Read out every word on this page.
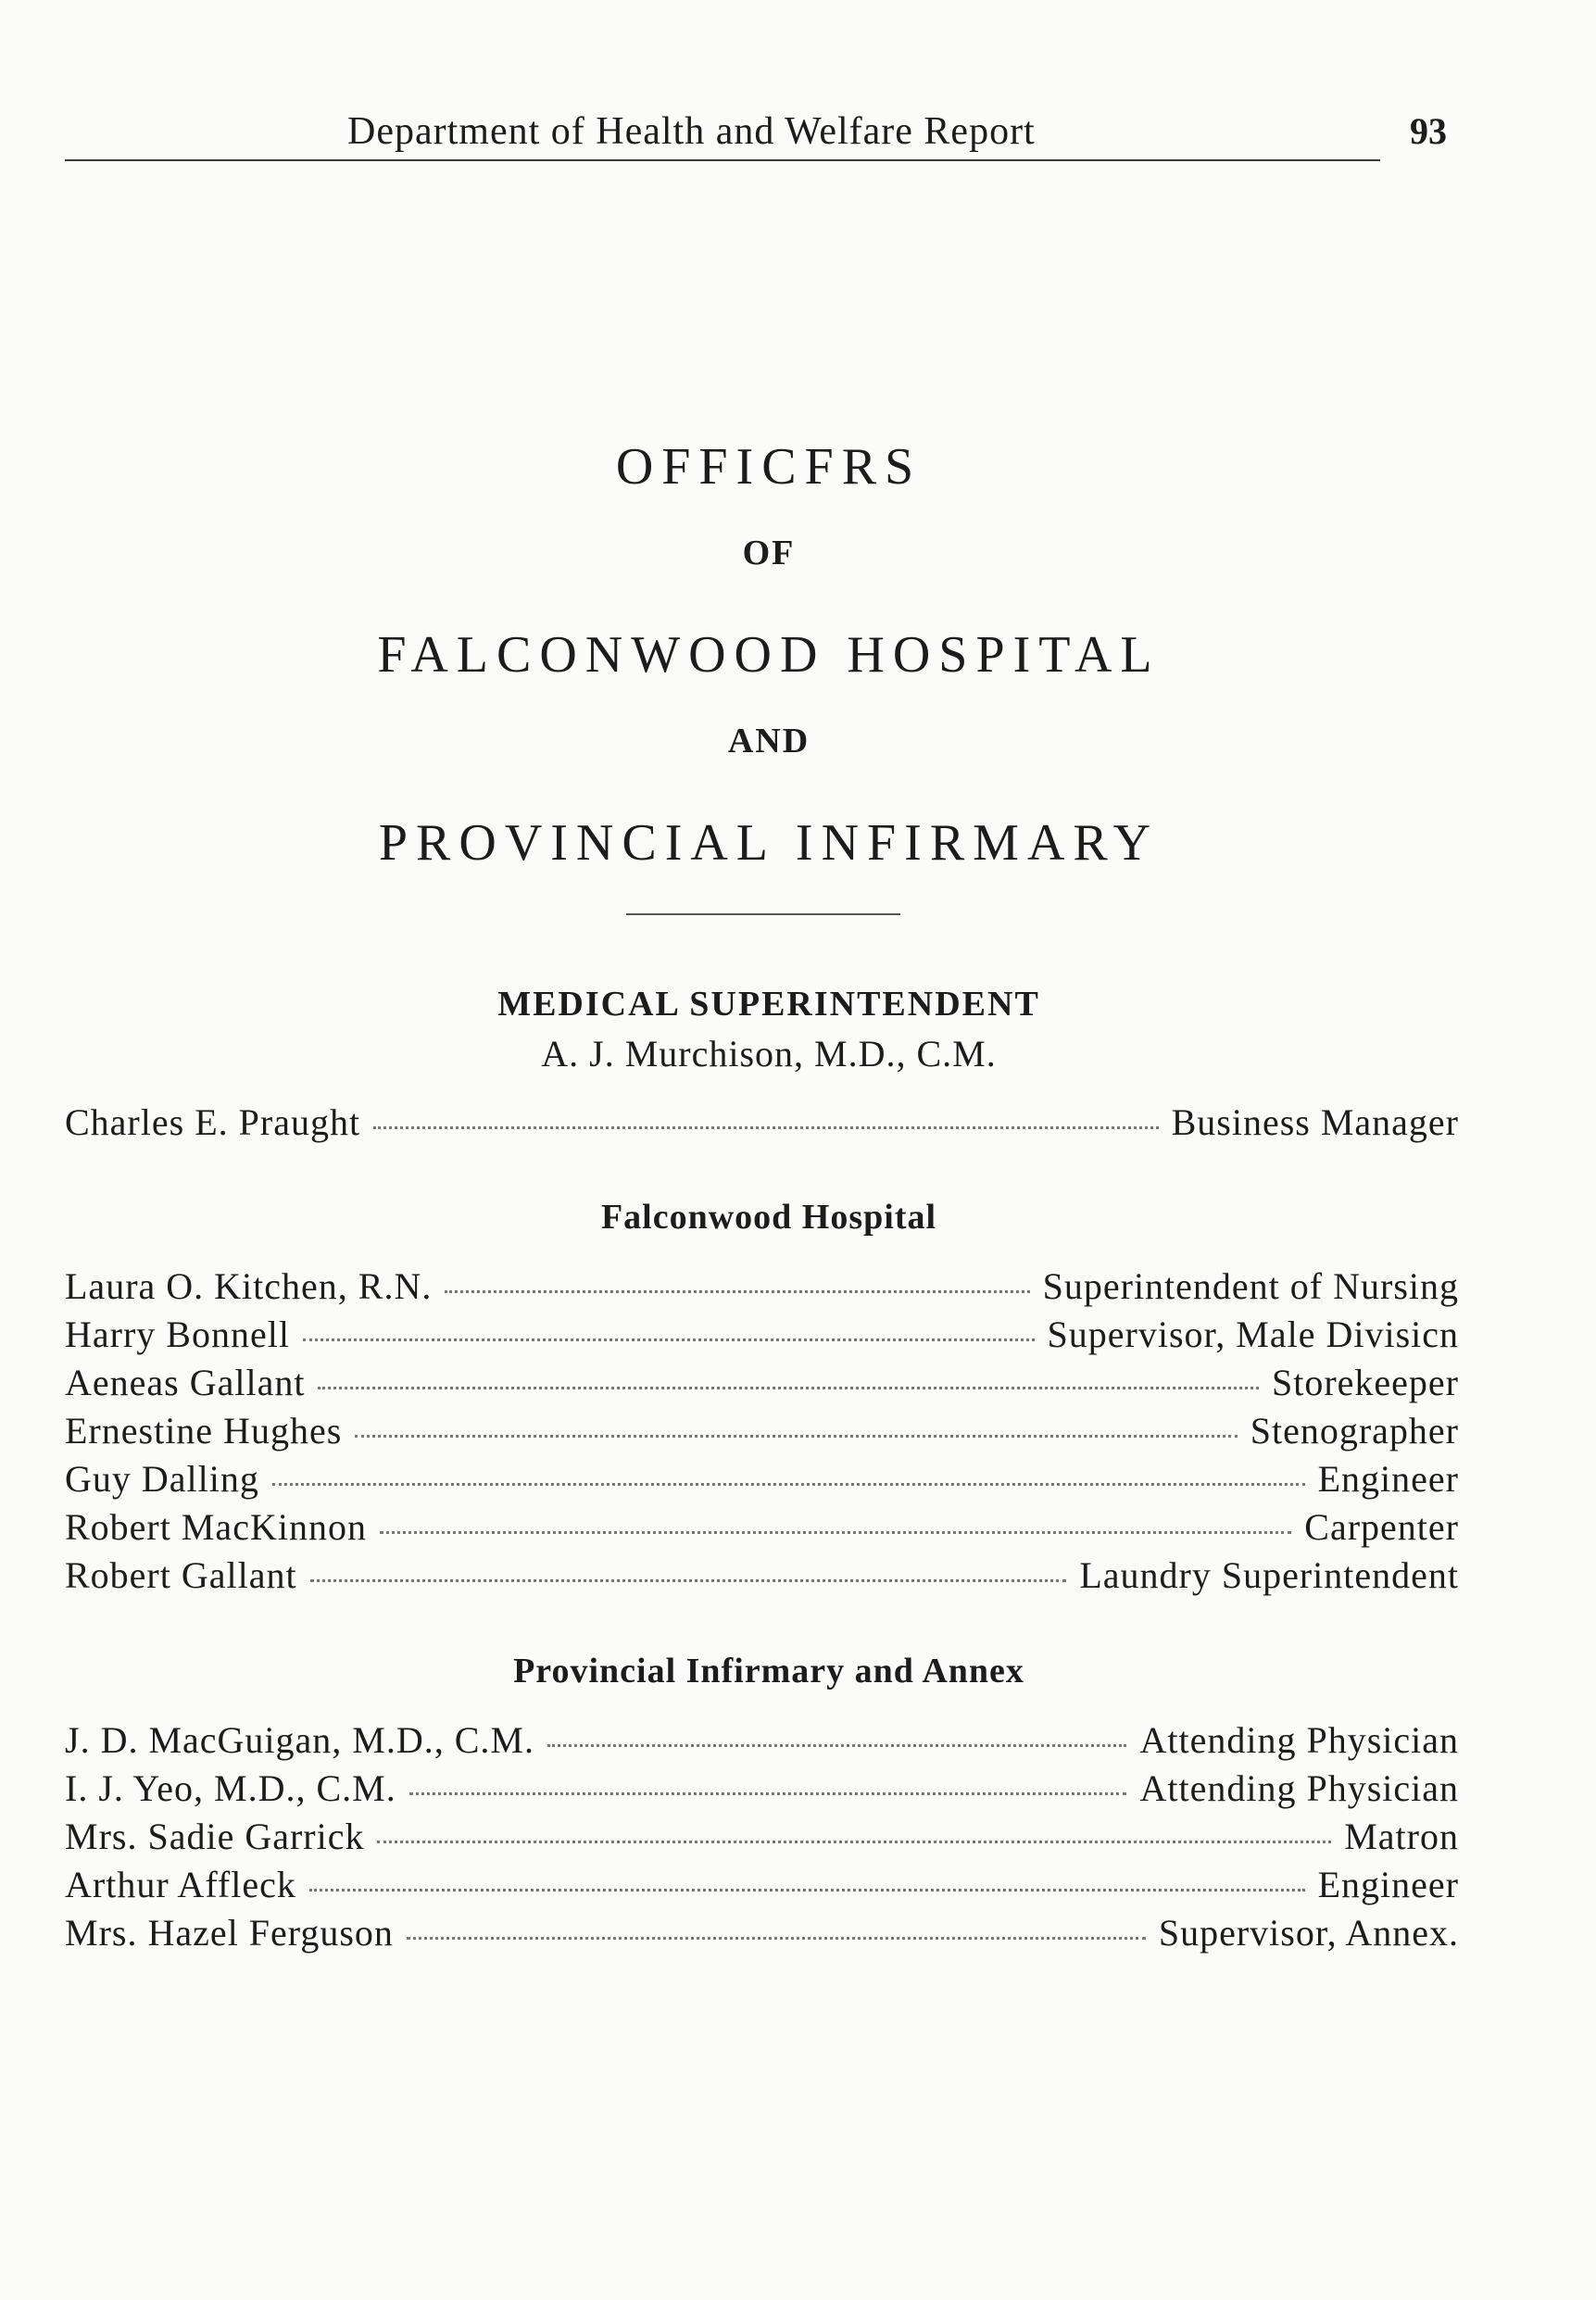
Department of Health and Welfare Report	93
OFFICFRS
OF
FALCONWOOD HOSPITAL
AND
PROVINCIAL INFIRMARY
MEDICAL SUPERINTENDENT
A. J. Murchison, M.D., C.M.
Charles E. Praught	Business Manager
Falconwood Hospital
Laura O. Kitchen, R.N.	Superintendent of Nursing
Harry Bonnell	Supervisor, Male Divisicn
Aeneas Gallant	Storekeeper
Ernestine Hughes	Stenographer
Guy Dalling	Engineer
Robert MacKinnon	Carpenter
Robert Gallant	Laundry Superintendent
Provincial Infirmary and Annex
J. D. MacGuigan, M.D., C.M.	Attending Physician
I. J. Yeo, M.D., C.M.	Attending Physician
Mrs. Sadie Garrick	Matron
Arthur Affleck	Engineer
Mrs. Hazel Ferguson	Supervisor, Annex.
